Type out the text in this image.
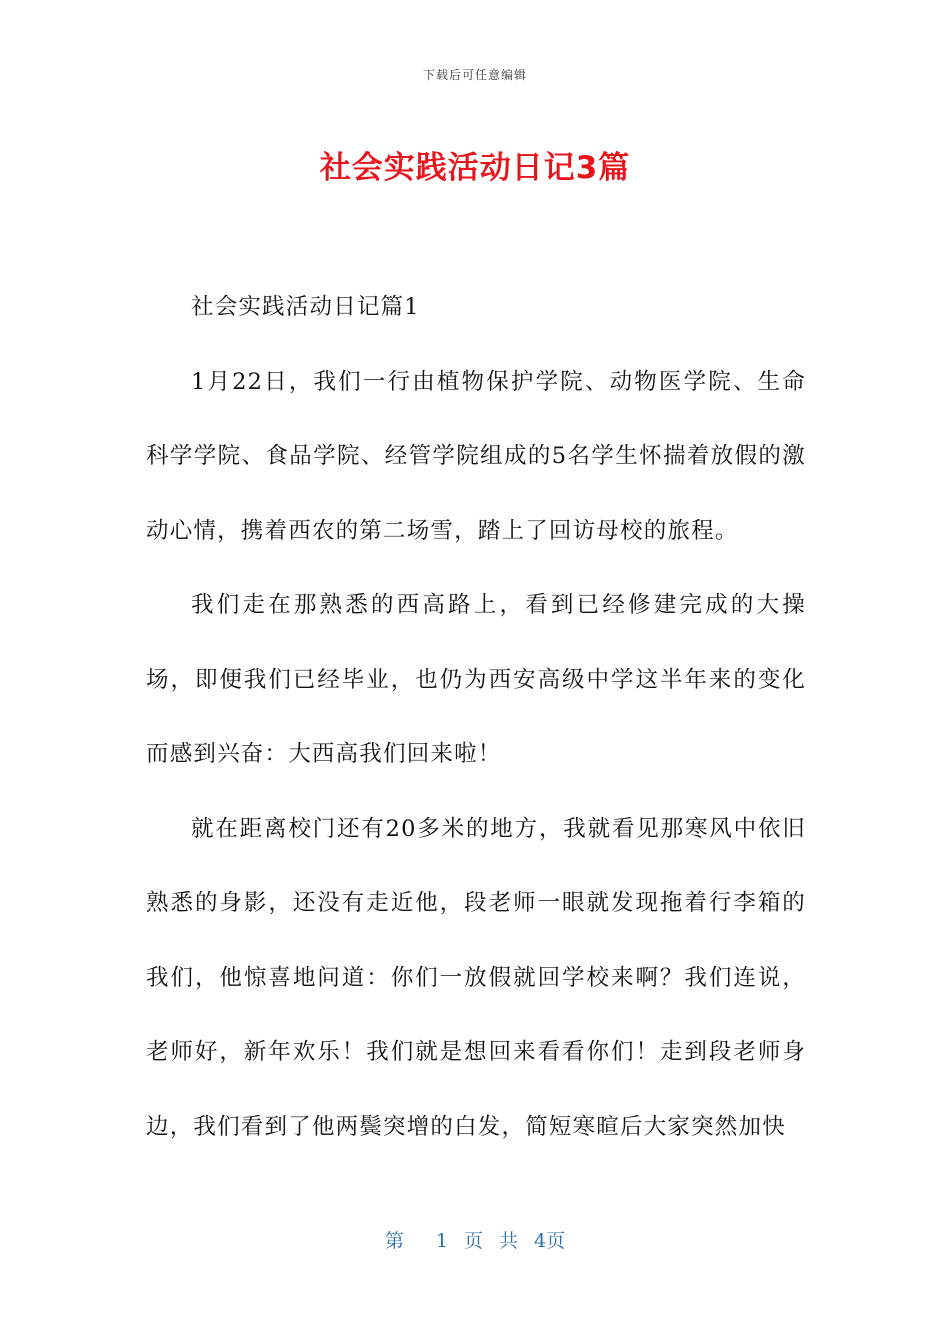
下载后可任意编辑
社会实践活动日记3篇

社会实践活动日记篇1

1月22日，我们一行由植物保护学院、动物医学院、生命科学学院、食品学院、经管学院组成的5名学生怀揣着放假的激动心情，携着西农的第二场雪，踏上了回访母校的旅程。

我们走在那熟悉的西高路上，看到已经修建完成的大操场，即便我们已经毕业，也仍为西安高级中学这半年来的变化而感到兴奋：大西高我们回来啦！

就在距离校门还有20多米的地方，我就看见那寒风中依旧熟悉的身影，还没有走近他，段老师一眼就发现拖着行李箱的我们，他惊喜地问道：你们一放假就回学校来啊？我们连说，老师好，新年欢乐！我们就是想回来看看你们！走到段老师身边，我们看到了他两鬓突增的白发，简短寒暄后大家突然加快

第 1 页 共 4页
